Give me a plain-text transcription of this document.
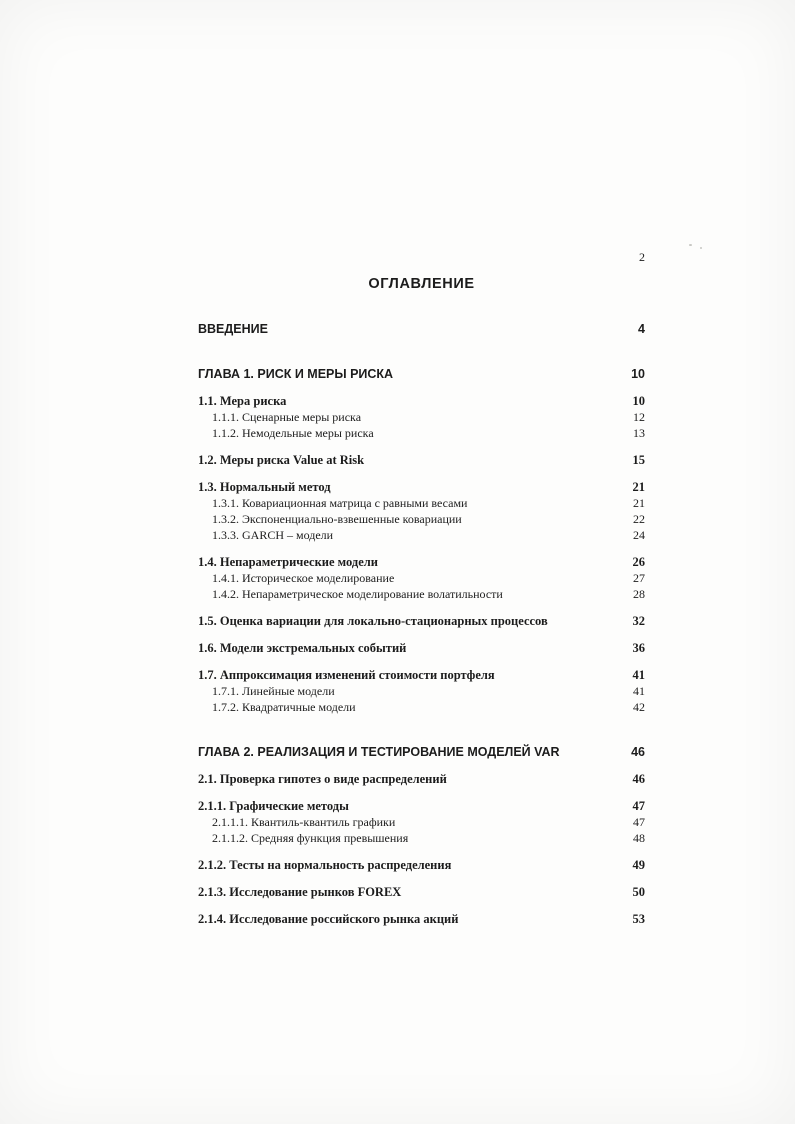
2
ОГЛАВЛЕНИЕ
ВВЕДЕНИЕ	4
ГЛАВА 1. РИСК И МЕРЫ РИСКА	10
1.1. Мера риска	10
1.1.1. Сценарные меры риска	12
1.1.2. Немодельные меры риска	13
1.2. Меры риска Value at Risk	15
1.3. Нормальный метод	21
1.3.1. Ковариационная матрица с равными весами	21
1.3.2. Экспоненциально-взвешенные ковариации	22
1.3.3. GARCH – модели	24
1.4. Непараметрические модели	26
1.4.1. Историческое моделирование	27
1.4.2. Непараметрическое моделирование волатильности	28
1.5. Оценка вариации для локально-стационарных процессов	32
1.6. Модели экстремальных событий	36
1.7. Аппроксимация изменений стоимости портфеля	41
1.7.1. Линейные модели	41
1.7.2. Квадратичные модели	42
ГЛАВА 2. РЕАЛИЗАЦИЯ И ТЕСТИРОВАНИЕ МОДЕЛЕЙ VAR	46
2.1. Проверка гипотез о виде распределений	46
2.1.1. Графические методы	47
2.1.1.1. Квантиль-квантиль графики	47
2.1.1.2. Средняя функция превышения	48
2.1.2. Тесты на нормальность распределения	49
2.1.3. Исследование рынков FOREX	50
2.1.4. Исследование российского рынка акций	53
